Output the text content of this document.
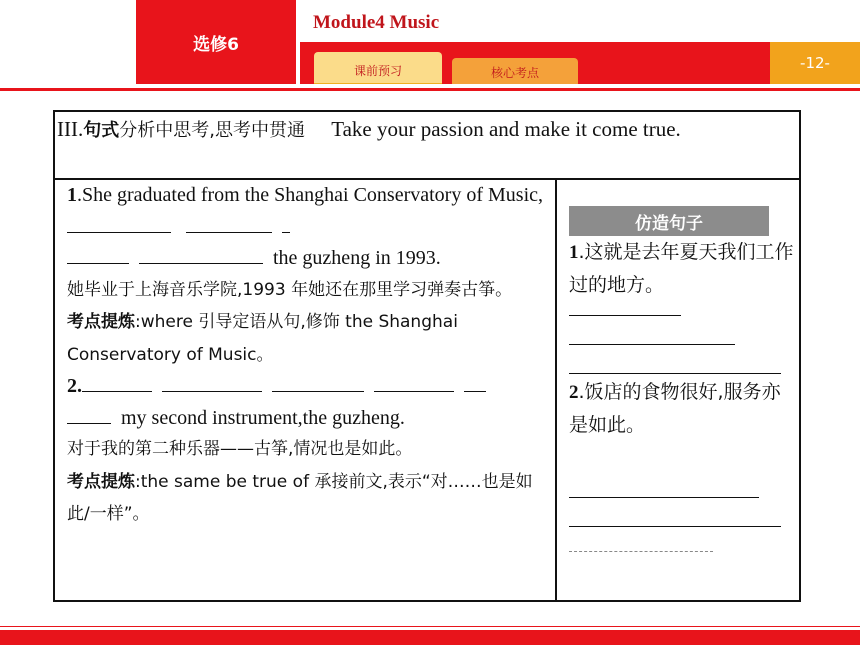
选修6
Module4 Music
课前预习	核心考点
-12-
III.句式分析中思考,思考中贯通 Take your passion and make it come true.
1.She graduated from the Shanghai Conservatory of Music,
the guzheng in 1993.
她毕业于上海音乐学院,1993 年她还在那里学习弹奏古筝。
考点提炼:where 引导定语从句,修饰 the Shanghai Conservatory of Music。
2.
my second instrument,the guzheng.
对于我的第二种乐器——古筝,情况也是如此。
考点提炼:the same be true of 承接前文,表示“对……也是如此/一样”。
仿造句子
1.这就是去年夏天我们工作过的地方。
2.饭店的食物很好,服务亦是如此。
